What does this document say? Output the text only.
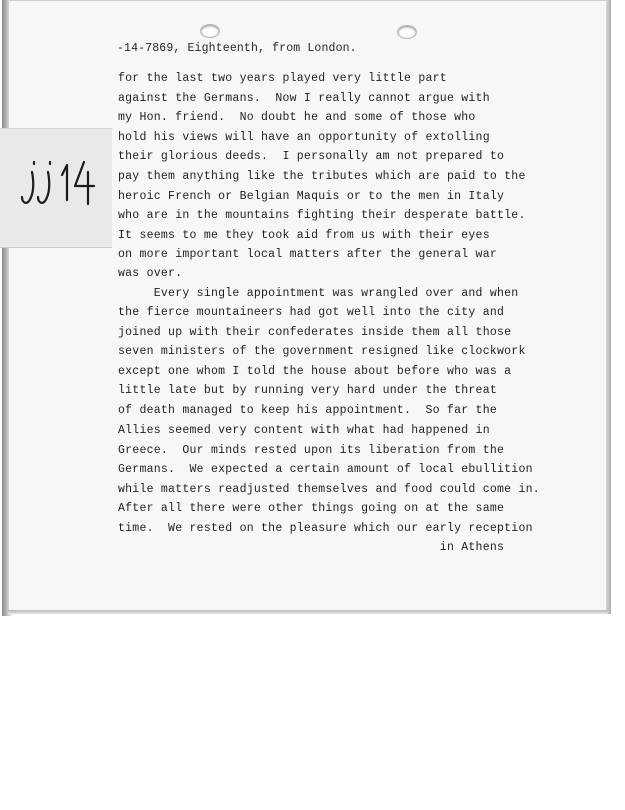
-14-7869, Eighteenth, from London.
for the last two years played very little part
against the Germans.  Now I really cannot argue with
my Hon. friend.  No doubt he and some of those who
hold his views will have an opportunity of extolling
their glorious deeds.  I personally am not prepared to
pay them anything like the tributes which are paid to the
heroic French or Belgian Maquis or to the men in Italy
who are in the mountains fighting their desperate battle.
It seems to me they took aid from us with their eyes
on more important local matters after the general war
was over.
Every single appointment was wrangled over and when
the fierce mountaineers had got well into the city and
joined up with their confederates inside them all those
seven ministers of the government resigned like clockwork
except one whom I told the house about before who was a
little late but by running very hard under the threat
of death managed to keep his appointment.  So far the
Allies seemed very content with what had happened in
Greece.  Our minds rested upon its liberation from the
Germans.  We expected a certain amount of local ebullition
while matters readjusted themselves and food could come in.
After all there were other things going on at the same
time.  We rested on the pleasure which our early reception
in Athens
